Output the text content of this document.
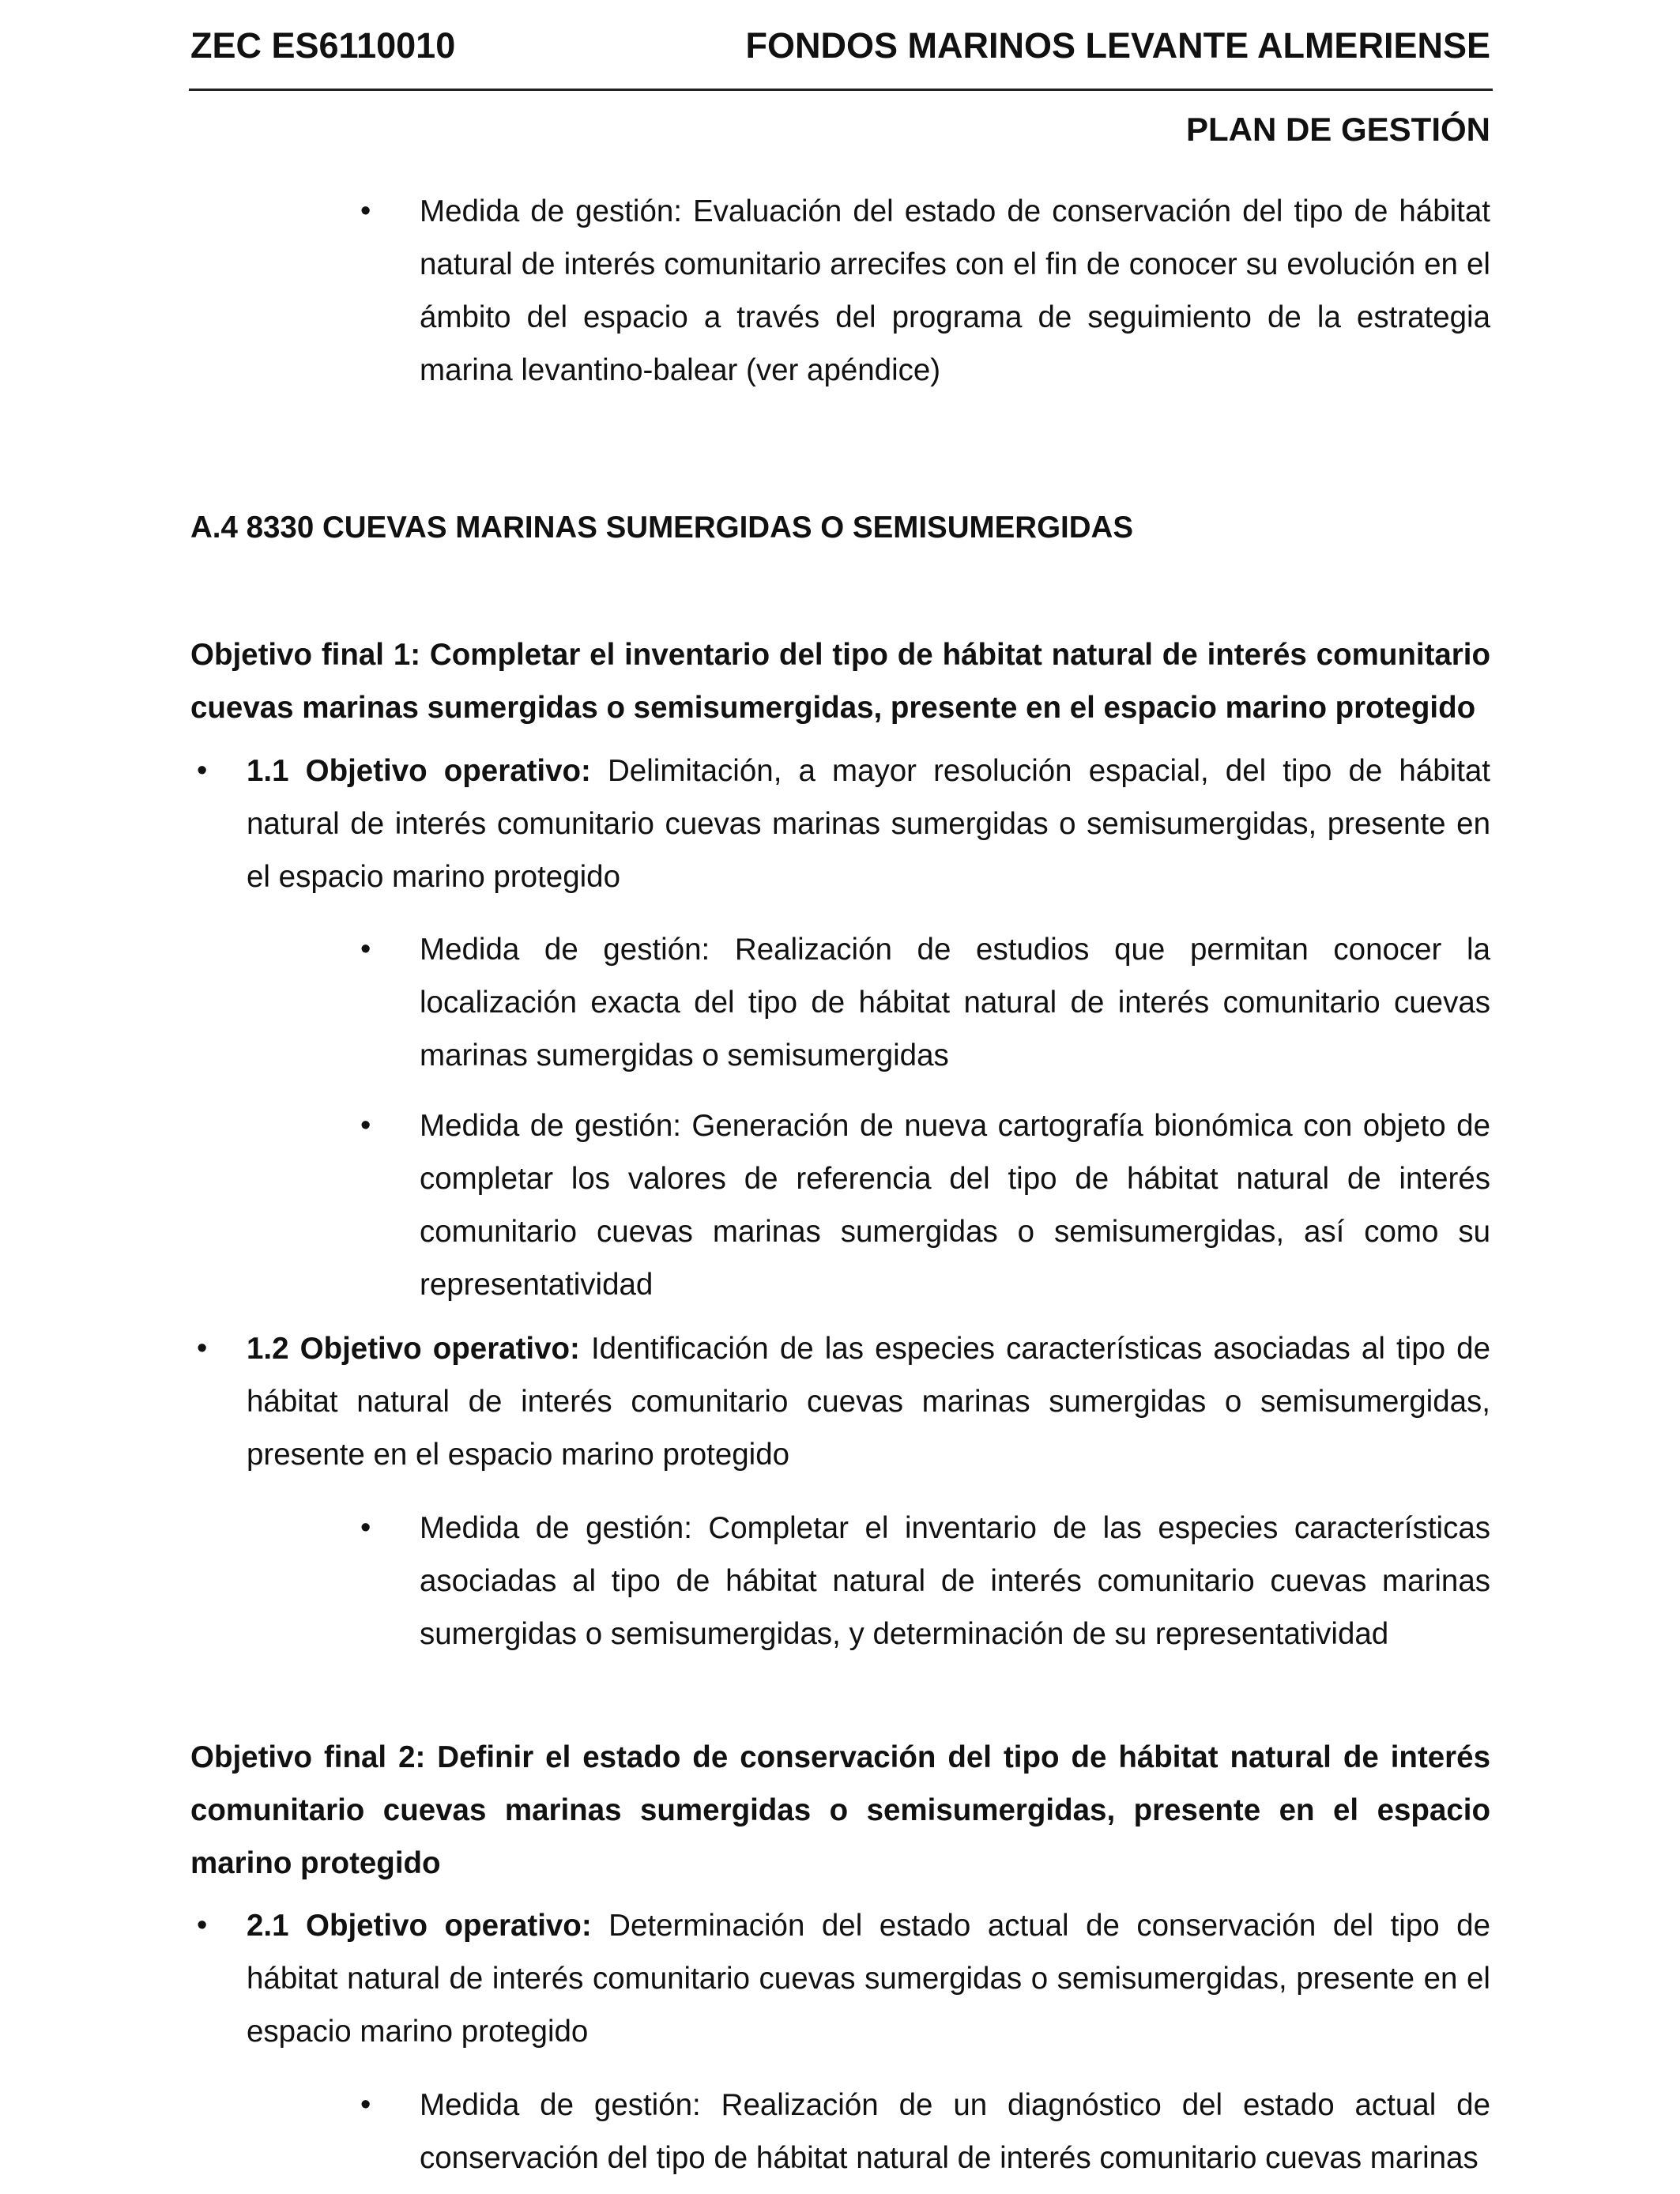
ZEC ES6110010	FONDOS MARINOS LEVANTE ALMERIENSE
PLAN DE GESTIÓN
• Medida de gestión: Evaluación del estado de conservación del tipo de hábitat natural de interés comunitario arrecifes con el fin de conocer su evolución en el ámbito del espacio a través del programa de seguimiento de la estrategia marina levantino-balear (ver apéndice)
A.4 8330 CUEVAS MARINAS SUMERGIDAS O SEMISUMERGIDAS
Objetivo final 1: Completar el inventario del tipo de hábitat natural de interés comunitario cuevas marinas sumergidas o semisumergidas, presente en el espacio marino protegido
• 1.1 Objetivo operativo: Delimitación, a mayor resolución espacial, del tipo de hábitat natural de interés comunitario cuevas marinas sumergidas o semisumergidas, presente en el espacio marino protegido
• Medida de gestión: Realización de estudios que permitan conocer la localización exacta del tipo de hábitat natural de interés comunitario cuevas marinas sumergidas o semisumergidas
• Medida de gestión: Generación de nueva cartografía bionómica con objeto de completar los valores de referencia del tipo de hábitat natural de interés comunitario cuevas marinas sumergidas o semisumergidas, así como su representatividad
• 1.2 Objetivo operativo: Identificación de las especies características asociadas al tipo de hábitat natural de interés comunitario cuevas marinas sumergidas o semisumergidas, presente en el espacio marino protegido
• Medida de gestión: Completar el inventario de las especies características asociadas al tipo de hábitat natural de interés comunitario cuevas marinas sumergidas o semisumergidas, y determinación de su representatividad
Objetivo final 2: Definir el estado de conservación del tipo de hábitat natural de interés comunitario cuevas marinas sumergidas o semisumergidas, presente en el espacio marino protegido
• 2.1 Objetivo operativo: Determinación del estado actual de conservación del tipo de hábitat natural de interés comunitario cuevas sumergidas o semisumergidas, presente en el espacio marino protegido
• Medida de gestión: Realización de un diagnóstico del estado actual de conservación del tipo de hábitat natural de interés comunitario cuevas marinas
